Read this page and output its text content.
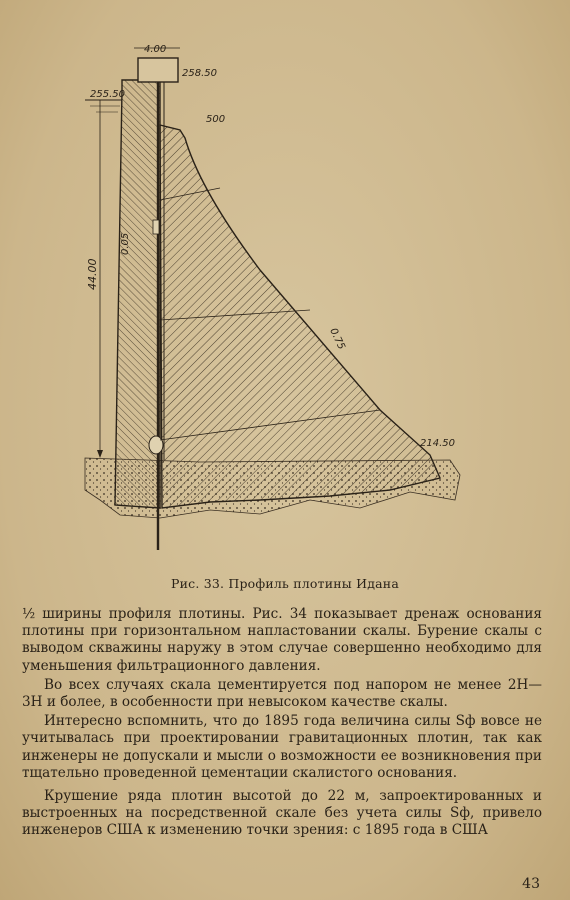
4.00
258.50
255.50
500
0.05
44.00
0.75
214.50
Рис. 33. Профиль плотины Идана

½ ширины профиля плотины. Рис. 34 показывает дренаж основания плотины при горизонтальном напластовании скалы. Бурение скалы с выводом скважины наружу в этом случае совершенно необходимо для уменьшения фильтрационного давления.

Во всех случаях скала цементируется под напором не менее 2H—3H и более, в особенности при невысоком качестве скалы.

Интересно вспомнить, что до 1895 года величина силы Sф вовсе не учитывалась при проектировании гравитационных плотин, так как инженеры не допускали и мысли о возможности ее возникновения при тщательно проведенной цементации скалистого основания.

Крушение ряда плотин высотой до 22 м, запроектированных и выстроенных на посредственной скале без учета силы Sф, привело инженеров США к изменению точки зрения: с 1895 года в США

43
